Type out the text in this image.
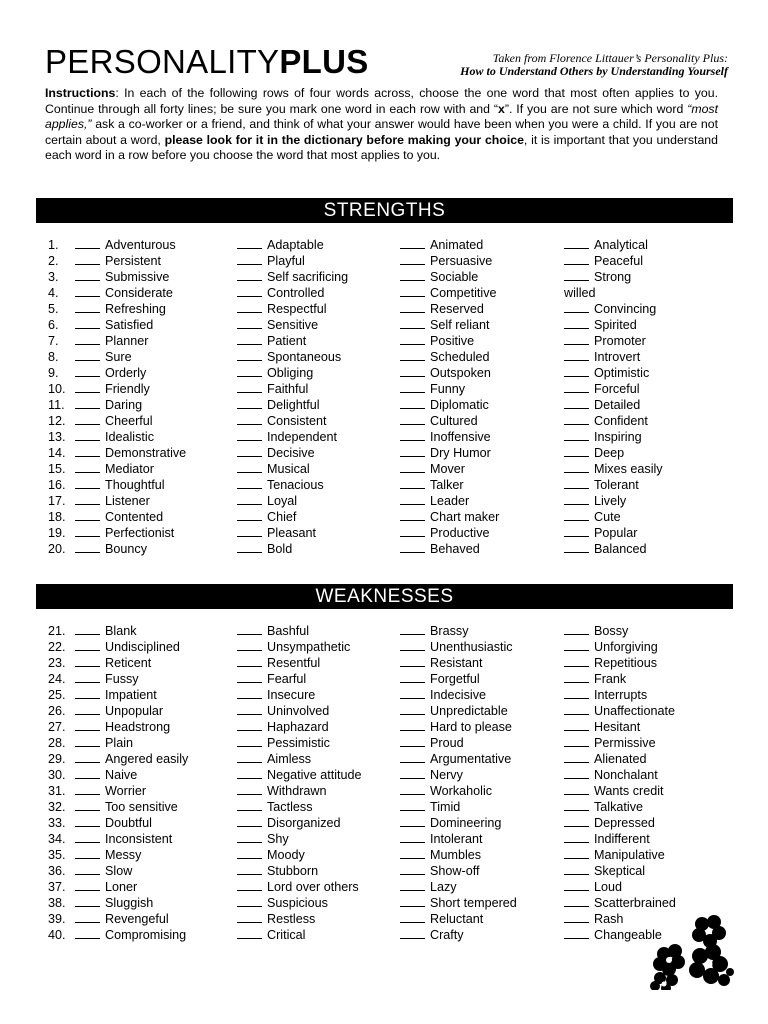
PERSONALITYPLUS	Taken from Florence Littauer’s Personality Plus:
How to Understand Others by Understanding Yourself
Instructions: In each of the following rows of four words across, choose the one word that most often applies to you. Continue through all forty lines; be sure you mark one word in each row with and “x”. If you are not sure which word “most applies,” ask a co-worker or a friend, and think of what your answer would have been when you were a child. If you are not certain about a word, please look for it in the dictionary before making your choice, it is important that you understand each word in a row before you choose the word that most applies to you.
STRENGTHS
1.	Adventurous	Adaptable	Animated	Analytical
2.	Persistent	Playful	Persuasive	Peaceful
3.	Submissive	Self sacrificing	Sociable	Strong
4.	Considerate	Controlled	Competitive	willed
5.	Refreshing	Respectful	Reserved	Convincing
6.	Satisfied	Sensitive	Self reliant	Spirited
7.	Planner	Patient	Positive	Promoter
8.	Sure	Spontaneous	Scheduled	Introvert
9.	Orderly	Obliging	Outspoken	Optimistic
10.	Friendly	Faithful	Funny	Forceful
11.	Daring	Delightful	Diplomatic	Detailed
12.	Cheerful	Consistent	Cultured	Confident
13.	Idealistic	Independent	Inoffensive	Inspiring
14.	Demonstrative	Decisive	Dry Humor	Deep
15.	Mediator	Musical	Mover	Mixes easily
16.	Thoughtful	Tenacious	Talker	Tolerant
17.	Listener	Loyal	Leader	Lively
18.	Contented	Chief	Chart maker	Cute
19.	Perfectionist	Pleasant	Productive	Popular
20.	Bouncy	Bold	Behaved	Balanced
WEAKNESSES
21.	Blank	Bashful	Brassy	Bossy
22.	Undisciplined	Unsympathetic	Unenthusiastic	Unforgiving
23.	Reticent	Resentful	Resistant	Repetitious
24.	Fussy	Fearful	Forgetful	Frank
25.	Impatient	Insecure	Indecisive	Interrupts
26.	Unpopular	Uninvolved	Unpredictable	Unaffectionate
27.	Headstrong	Haphazard	Hard to please	Hesitant
28.	Plain	Pessimistic	Proud	Permissive
29.	Angered easily	Aimless	Argumentative	Alienated
30.	Naive	Negative attitude	Nervy	Nonchalant
31.	Worrier	Withdrawn	Workaholic	Wants credit
32.	Too sensitive	Tactless	Timid	Talkative
33.	Doubtful	Disorganized	Domineering	Depressed
34.	Inconsistent	Shy	Intolerant	Indifferent
35.	Messy	Moody	Mumbles	Manipulative
36.	Slow	Stubborn	Show-off	Skeptical
37.	Loner	Lord over others	Lazy	Loud
38.	Sluggish	Suspicious	Short tempered	Scatterbrained
39.	Revengeful	Restless	Reluctant	Rash
40.	Compromising	Critical	Crafty	Changeable
